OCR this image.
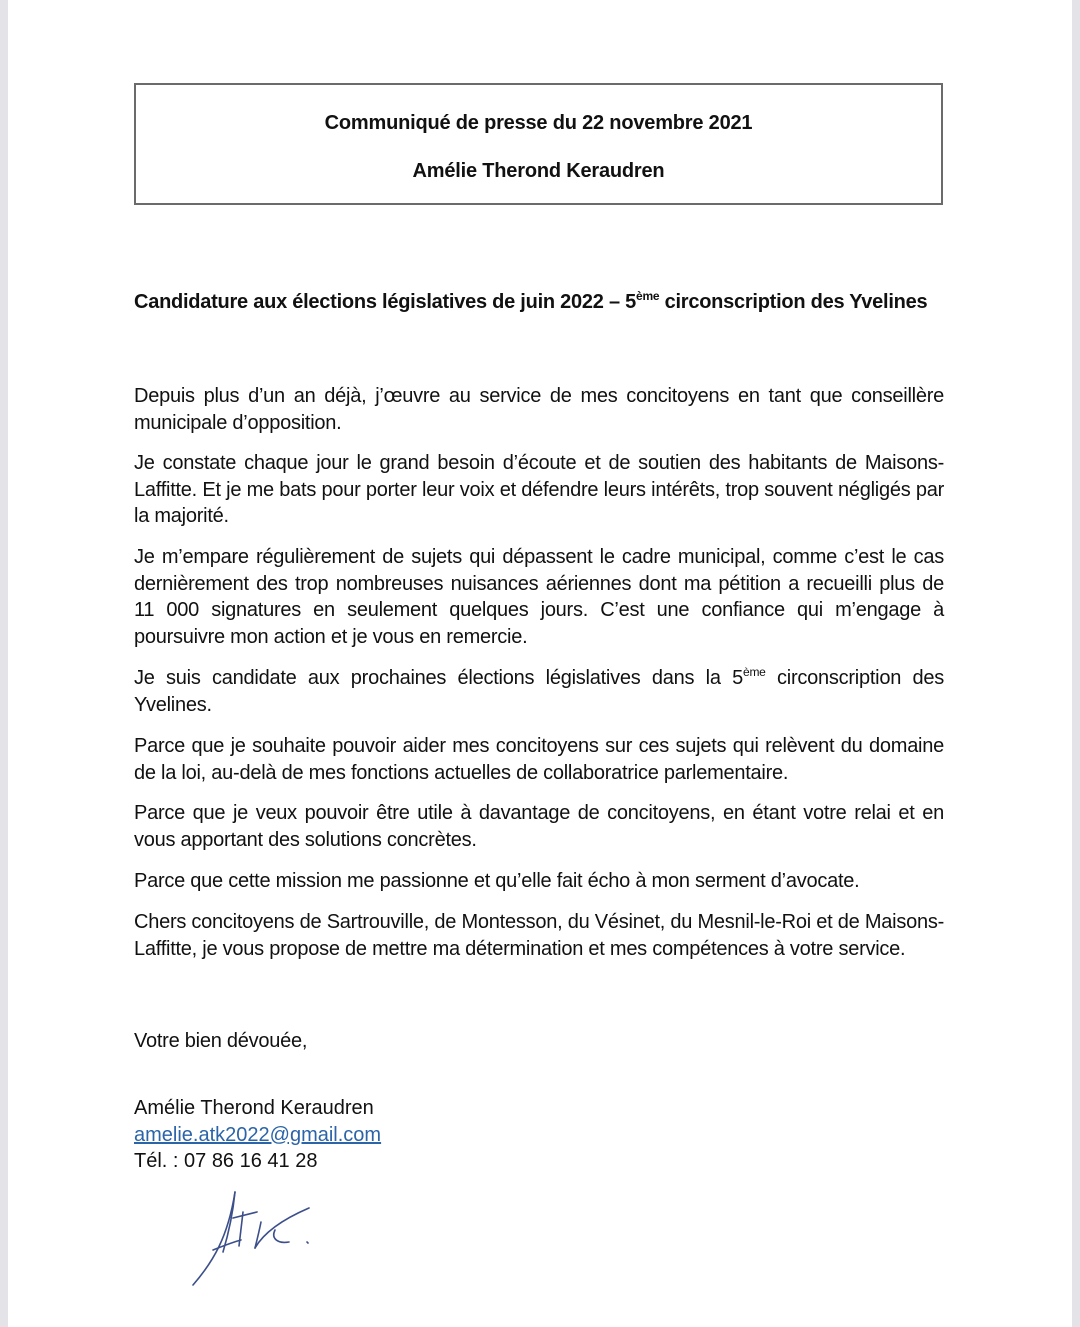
Communiqué de presse du 22 novembre 2021
Amélie Therond Keraudren
Candidature aux élections législatives de juin 2022 – 5ème circonscription des Yvelines
Depuis plus d’un an déjà, j’œuvre au service de mes concitoyens en tant que conseillère municipale d’opposition.
Je constate chaque jour le grand besoin d’écoute et de soutien des habitants de Maisons-Laffitte. Et je me bats pour porter leur voix et défendre leurs intérêts, trop souvent négligés par la majorité.
Je m’empare régulièrement de sujets qui dépassent le cadre municipal, comme c’est le cas dernièrement des trop nombreuses nuisances aériennes dont ma pétition a recueilli plus de 11 000 signatures en seulement quelques jours. C’est une confiance qui m’engage à poursuivre mon action et je vous en remercie.
Je suis candidate aux prochaines élections législatives dans la 5ème circonscription des Yvelines.
Parce que je souhaite pouvoir aider mes concitoyens sur ces sujets qui relèvent du domaine de la loi, au-delà de mes fonctions actuelles de collaboratrice parlementaire.
Parce que je veux pouvoir être utile à davantage de concitoyens, en étant votre relai et en vous apportant des solutions concrètes.
Parce que cette mission me passionne et qu’elle fait écho à mon serment d’avocate.
Chers concitoyens de Sartrouville, de Montesson, du Vésinet, du Mesnil-le-Roi et de Maisons-Laffitte, je vous propose de mettre ma détermination et mes compétences à votre service.
Votre bien dévouée,
Amélie Therond Keraudren
amelie.atk2022@gmail.com
Tél. : 07 86 16 41 28
